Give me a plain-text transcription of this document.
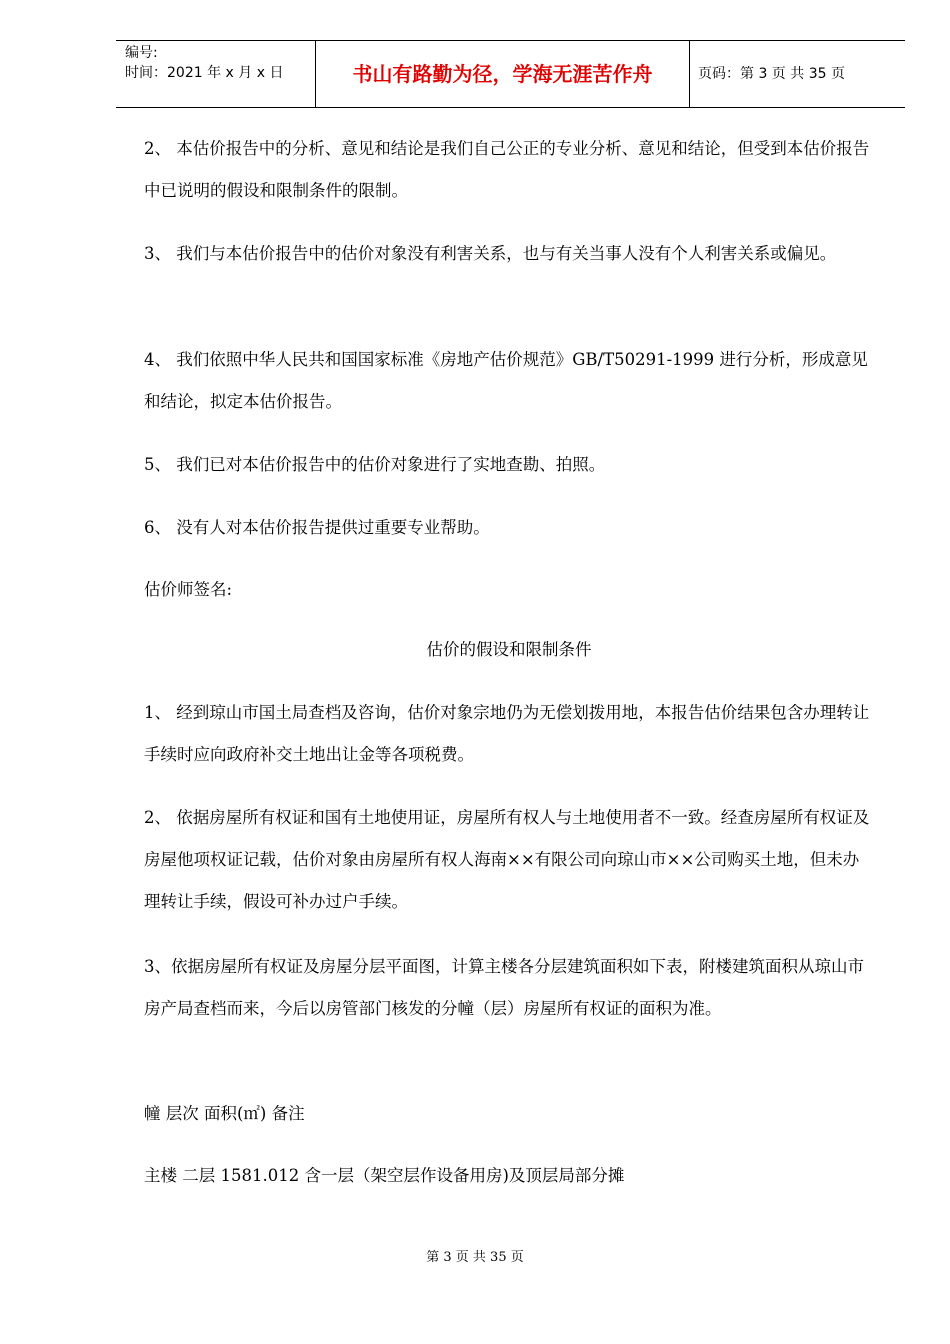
编号:
时间：2021 年 x 月 x 日	书山有路勤为径，学海无涯苦作舟	页码：第 3 页 共 35 页

2、 本估价报告中的分析、意见和结论是我们自己公正的专业分析、意见和结论，但受到本估价报告中已说明的假设和限制条件的限制。

3、 我们与本估价报告中的估价对象没有利害关系，也与有关当事人没有个人利害关系或偏见。

4、 我们依照中华人民共和国国家标准《房地产估价规范》GB/T50291-1999 进行分析，形成意见和结论，拟定本估价报告。

5、 我们已对本估价报告中的估价对象进行了实地查勘、拍照。

6、 没有人对本估价报告提供过重要专业帮助。

估价师签名:

估价的假设和限制条件

1、 经到琼山市国土局查档及咨询，估价对象宗地仍为无偿划拨用地，本报告估价结果包含办理转让手续时应向政府补交土地出让金等各项税费。

2、 依据房屋所有权证和国有土地使用证，房屋所有权人与土地使用者不一致。经查房屋所有权证及房屋他项权证记载，估价对象由房屋所有权人海南××有限公司向琼山市××公司购买土地，但未办理转让手续，假设可补办过户手续。

3、依据房屋所有权证及房屋分层平面图，计算主楼各分层建筑面积如下表，附楼建筑面积从琼山市房产局查档而来，今后以房管部门核发的分幢（层）房屋所有权证的面积为准。

幢 层次 面积(㎡) 备注

主楼 二层 1581.012 含一层（架空层作设备用房)及顶层局部分摊

第 3 页 共 35 页
